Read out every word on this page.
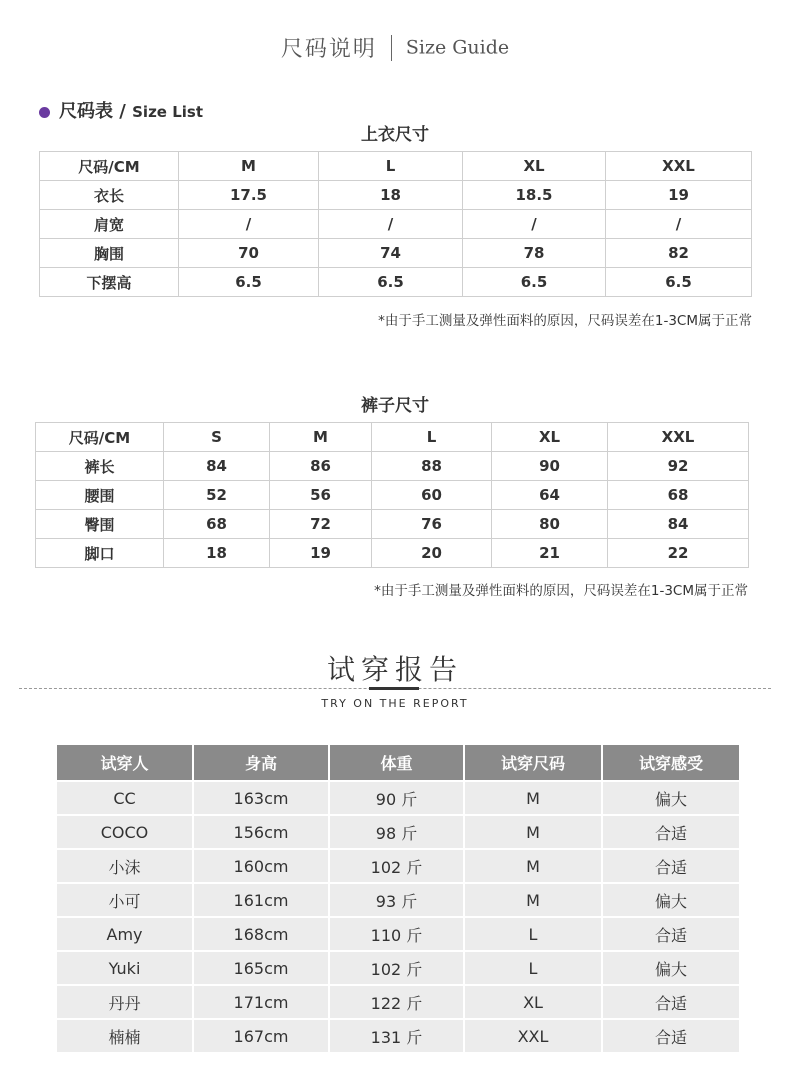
尺码说明 Size Guide
尺码表 / Size List
上衣尺寸
尺码/CM	M	L	XL	XXL
衣长	17.5	18	18.5	19
肩宽	/	/	/	/
胸围	70	74	78	82
下摆高	6.5	6.5	6.5	6.5
*由于手工测量及弹性面料的原因，尺码误差在1-3CM属于正常
裤子尺寸
尺码/CM	S	M	L	XL	XXL
裤长	84	86	88	90	92
腰围	52	56	60	64	68
臀围	68	72	76	80	84
脚口	18	19	20	21	22
*由于手工测量及弹性面料的原因，尺码误差在1-3CM属于正常
试穿报告
TRY ON THE REPORT
试穿人	身高	体重	试穿尺码	试穿感受
CC	163cm	90 斤	M	偏大
COCO	156cm	98 斤	M	合适
小沫	160cm	102 斤	M	合适
小可	161cm	93 斤	M	偏大
Amy	168cm	110 斤	L	合适
Yuki	165cm	102 斤	L	偏大
丹丹	171cm	122 斤	XL	合适
楠楠	167cm	131 斤	XXL	合适
